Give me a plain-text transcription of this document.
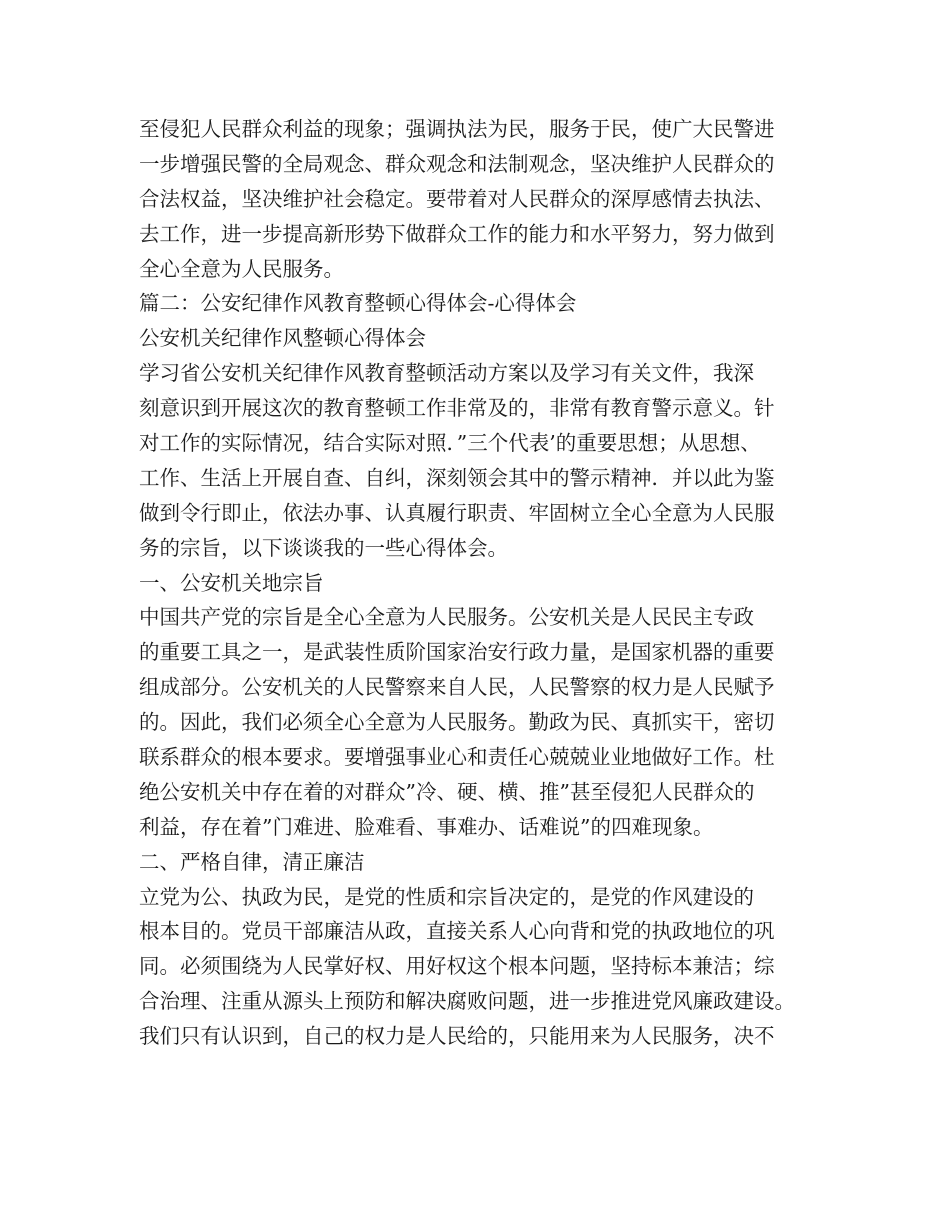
至侵犯人民群众利益的现象；强调执法为民，服务于民，使广大民警进
一步增强民警的全局观念、群众观念和法制观念，坚决维护人民群众的
合法权益，坚决维护社会稳定。要带着对人民群众的深厚感情去执法、
去工作，进一步提高新形势下做群众工作的能力和水平努力，努力做到
全心全意为人民服务。
篇二：公安纪律作风教育整顿心得体会-心得体会
公安机关纪律作风整顿心得体会
学习省公安机关纪律作风教育整顿活动方案以及学习有关文件，我深
刻意识到开展这次的教育整顿工作非常及的，非常有教育警示意义。针
对工作的实际情况，结合实际对照．”三个代表’的重要思想；从思想、
工作、生活上开展自查、自纠，深刻领会其中的警示精神．并以此为鉴
做到令行即止，依法办事、认真履行职责、牢固树立全心全意为人民服
务的宗旨，以下谈谈我的一些心得体会。
一、公安机关地宗旨
中国共产党的宗旨是全心全意为人民服务。公安机关是人民民主专政
的重要工具之一，是武装性质阶国家治安行政力量，是国家机器的重要
组成部分。公安机关的人民警察来自人民，人民警察的权力是人民赋予
的。因此，我们必须全心全意为人民服务。勤政为民、真抓实干，密切
联系群众的根本要求。要增强事业心和责任心兢兢业业地做好工作。杜
绝公安机关中存在着的对群众”冷、硬、横、推”甚至侵犯人民群众的
利益，存在着”门难进、脸难看、事难办、话难说”的四难现象。
二、严格自律，清正廉洁
立党为公、执政为民，是党的性质和宗旨决定的，是党的作风建设的
根本目的。党员干部廉洁从政，直接关系人心向背和党的执政地位的巩
同。必须围绕为人民掌好权、用好权这个根本问题，坚持标本兼洁；综
合治理、注重从源头上预防和解决腐败问题，进一步推进党风廉政建设。
我们只有认识到，自己的权力是人民给的，只能用来为人民服务，决不
